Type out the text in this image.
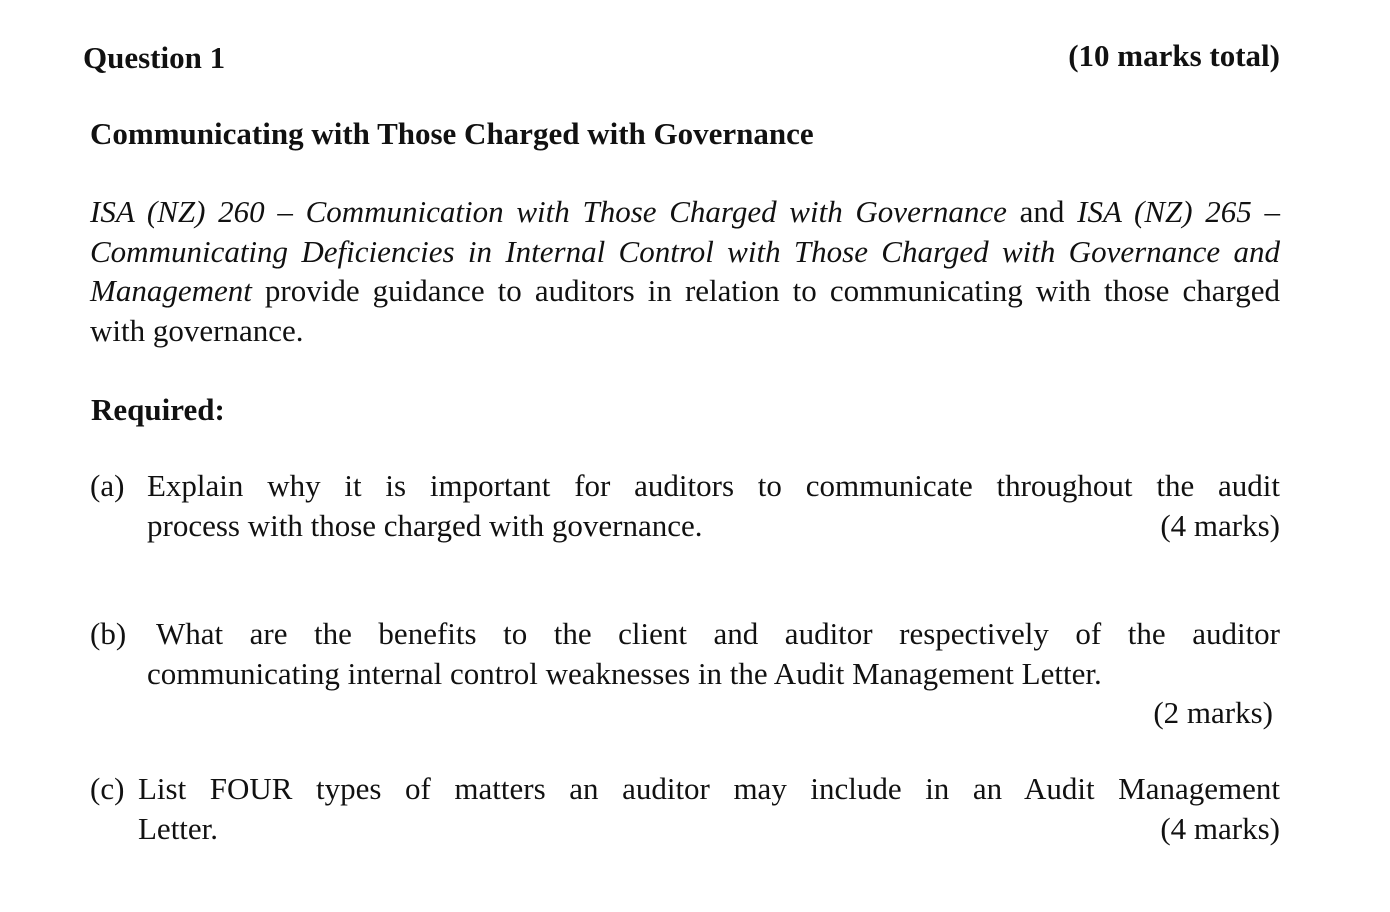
Question 1	(10 marks total)
Communicating with Those Charged with Governance
ISA (NZ) 260 – Communication with Those Charged with Governance and ISA (NZ) 265 – Communicating Deficiencies in Internal Control with Those Charged with Governance and Management provide guidance to auditors in relation to communicating with those charged with governance.
Required:
(a) Explain why it is important for auditors to communicate throughout the audit
process with those charged with governance.	(4 marks)
(b) What are the benefits to the client and auditor respectively of the auditor
communicating internal control weaknesses in the Audit Management Letter.
(2 marks)
(c) List FOUR types of matters an auditor may include in an Audit Management
Letter.	(4 marks)
